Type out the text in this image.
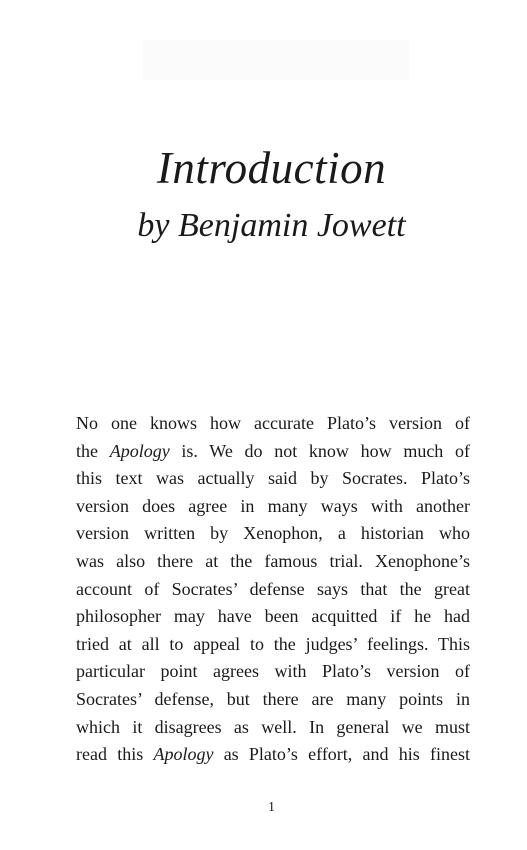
Introduction
by Benjamin Jowett
No one knows how accurate Plato’s version of
the Apology is. We do not know how much of
this text was actually said by Socrates. Plato’s
version does agree in many ways with another
version written by Xenophon, a historian who
was also there at the famous trial. Xenophone’s
account of Socrates’ defense says that the great
philosopher may have been acquitted if he had
tried at all to appeal to the judges’ feelings. This
particular point agrees with Plato’s version of
Socrates’ defense, but there are many points in
which it disagrees as well. In general we must
read this Apology as Plato’s effort, and his finest
1
